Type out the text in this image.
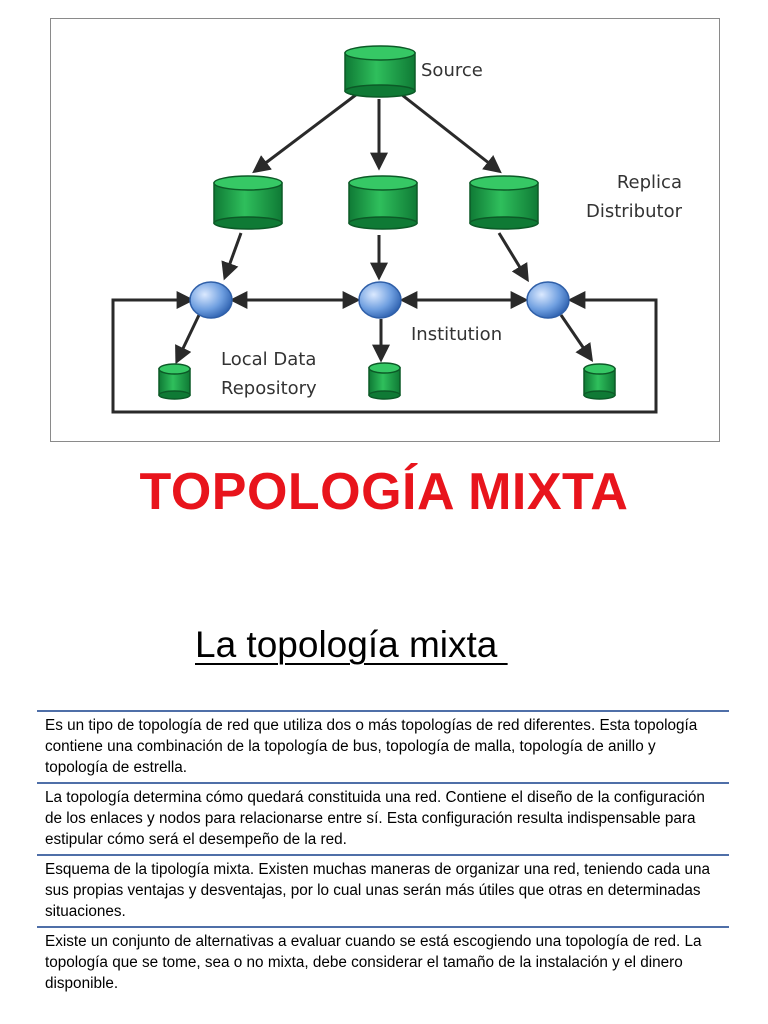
Source
Replica
Distributor
Institution
Local Data
Repository
TOPOLOGÍA MIXTA
La topología mixta
Es un tipo de topología de red que utiliza dos o más topologías de red diferentes. Esta topología contiene una combinación de la topología de bus, topología de malla, topología de anillo y topología de estrella.
La topología determina cómo quedará constituida una red. Contiene el diseño de la configuración de los enlaces y nodos para relacionarse entre sí. Esta configuración resulta indispensable para estipular cómo será el desempeño de la red.
Esquema de la tipología mixta. Existen muchas maneras de organizar una red, teniendo cada una sus propias ventajas y desventajas, por lo cual unas serán más útiles que otras en determinadas situaciones.
Existe un conjunto de alternativas a evaluar cuando se está escogiendo una topología de red. La topología que se tome, sea o no mixta, debe considerar el tamaño de la instalación y el dinero disponible.
